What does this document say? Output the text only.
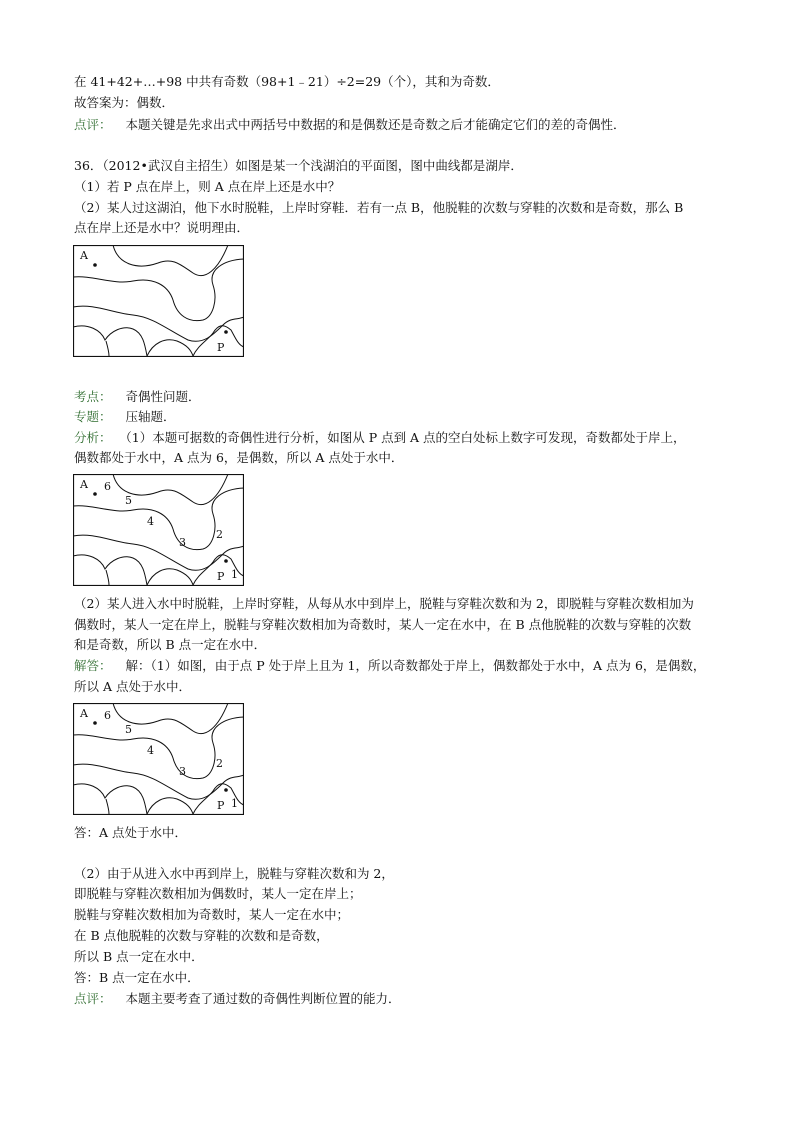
在 41+42+…+98 中共有奇数（98+1﹣21）÷2=29（个），其和为奇数．
故答案为：偶数．
点评： 本题关键是先求出式中两括号中数据的和是偶数还是奇数之后才能确定它们的差的奇偶性．
36．（2012•武汉自主招生）如图是某一个浅湖泊的平面图，图中曲线都是湖岸．
（1）若 P 点在岸上，则 A 点在岸上还是水中？
（2）某人过这湖泊，他下水时脱鞋，上岸时穿鞋．若有一点 B，他脱鞋的次数与穿鞋的次数和是奇数，那么 B
点在岸上还是水中？说明理由．
A
P
考点： 奇偶性问题．
专题： 压轴题．
分析： （1）本题可据数的奇偶性进行分析，如图从 P 点到 A 点的空白处标上数字可发现，奇数都处于岸上，
偶数都处于水中，A 点为 6，是偶数，所以 A 点处于水中．
A 6
5
4
3
2
1
P
（2）某人进入水中时脱鞋，上岸时穿鞋，从每从水中到岸上，脱鞋与穿鞋次数和为 2，即脱鞋与穿鞋次数相加为
偶数时，某人一定在岸上，脱鞋与穿鞋次数相加为奇数时，某人一定在水中，在 B 点他脱鞋的次数与穿鞋的次数
和是奇数，所以 B 点一定在水中．
解答： 解：（1）如图，由于点 P 处于岸上且为 1，所以奇数都处于岸上，偶数都处于水中，A 点为 6，是偶数，
所以 A 点处于水中．
A 6
5
4
3
2
1
P
答：A 点处于水中．
（2）由于从进入水中再到岸上，脱鞋与穿鞋次数和为 2，
即脱鞋与穿鞋次数相加为偶数时，某人一定在岸上；
脱鞋与穿鞋次数相加为奇数时，某人一定在水中；
在 B 点他脱鞋的次数与穿鞋的次数和是奇数，
所以 B 点一定在水中．
答：B 点一定在水中．
点评： 本题主要考查了通过数的奇偶性判断位置的能力．
